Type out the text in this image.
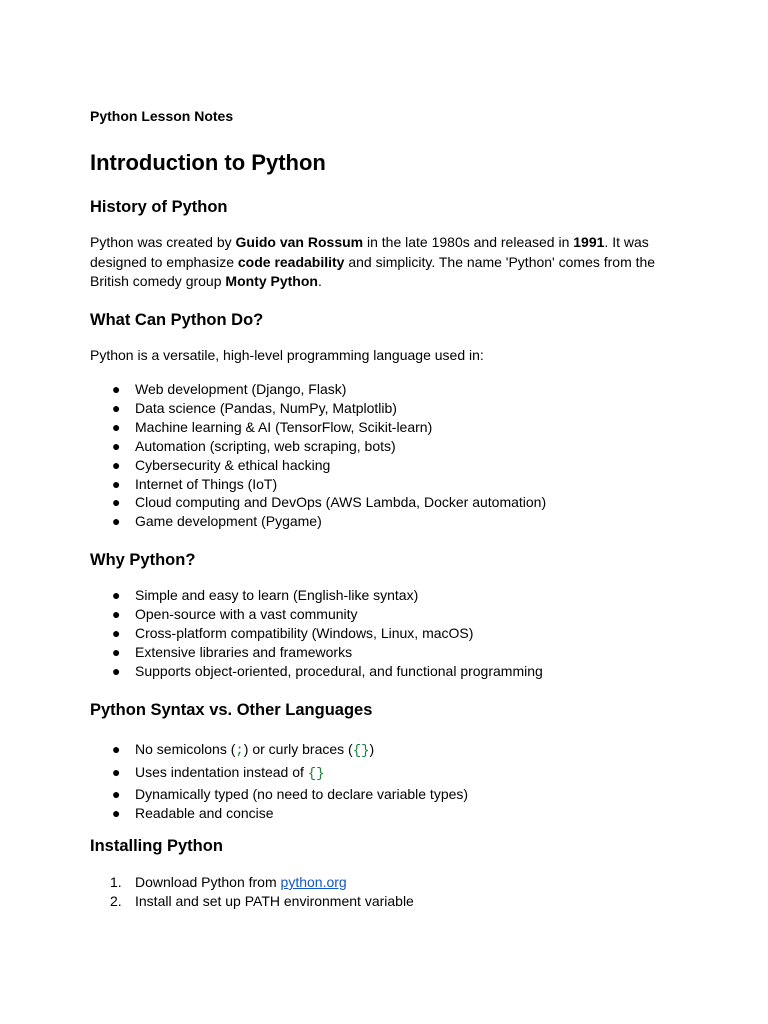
Python Lesson Notes
Introduction to Python
History of Python
Python was created by Guido van Rossum in the late 1980s and released in 1991. It was designed to emphasize code readability and simplicity. The name 'Python' comes from the British comedy group Monty Python.
What Can Python Do?
Python is a versatile, high-level programming language used in:
● Web development (Django, Flask)
● Data science (Pandas, NumPy, Matplotlib)
● Machine learning & AI (TensorFlow, Scikit-learn)
● Automation (scripting, web scraping, bots)
● Cybersecurity & ethical hacking
● Internet of Things (IoT)
● Cloud computing and DevOps (AWS Lambda, Docker automation)
● Game development (Pygame)
Why Python?
● Simple and easy to learn (English-like syntax)
● Open-source with a vast community
● Cross-platform compatibility (Windows, Linux, macOS)
● Extensive libraries and frameworks
● Supports object-oriented, procedural, and functional programming
Python Syntax vs. Other Languages
● No semicolons (;) or curly braces ({})
● Uses indentation instead of {}
● Dynamically typed (no need to declare variable types)
● Readable and concise
Installing Python
1. Download Python from python.org
2. Install and set up PATH environment variable
